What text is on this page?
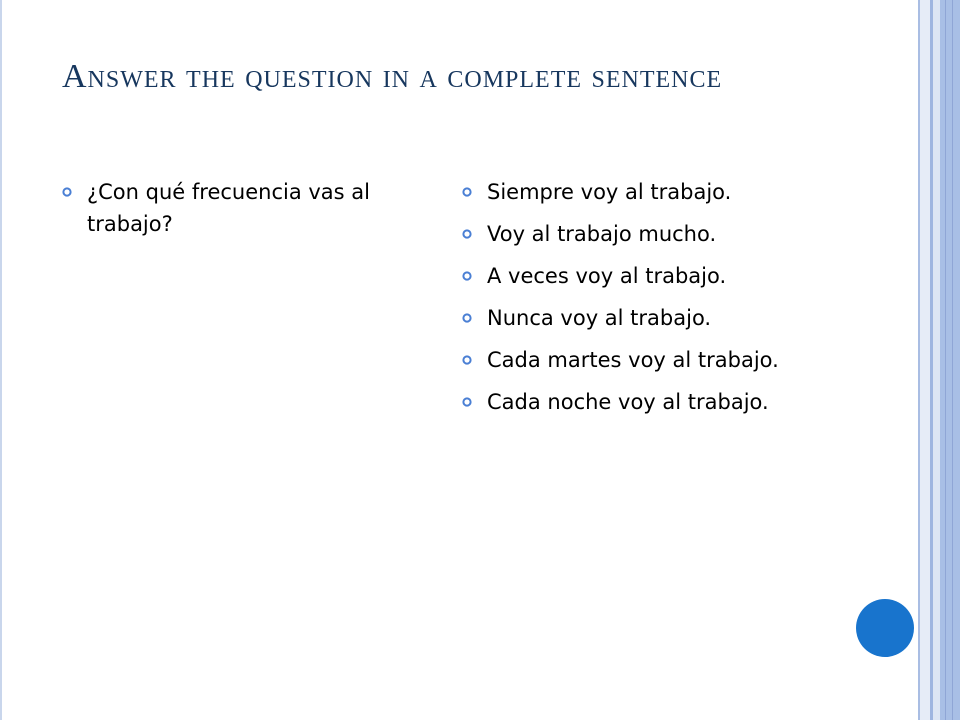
Answer the question in a complete sentence
¿Con qué frecuencia vas al trabajo?
Siempre voy al trabajo.
Voy al trabajo mucho.
A veces voy al trabajo.
Nunca voy al trabajo.
Cada martes voy al trabajo.
Cada noche voy al trabajo.
